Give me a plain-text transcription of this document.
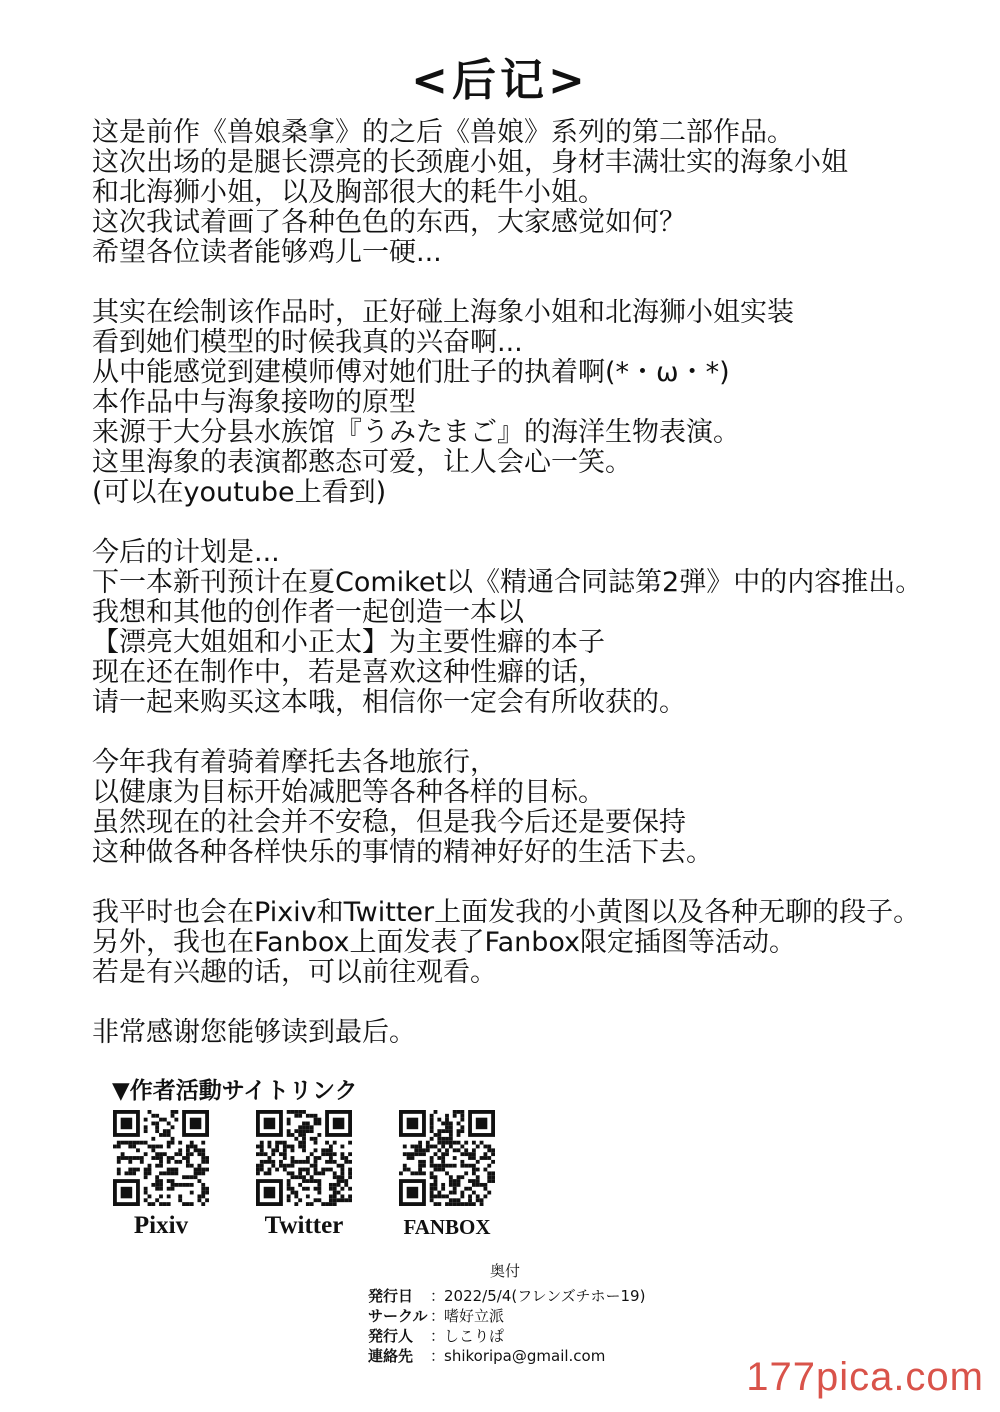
<后记>
这是前作《兽娘桑拿》的之后《兽娘》系列的第二部作品。
这次出场的是腿长漂亮的长颈鹿小姐，身材丰满壮实的海象小姐
和北海狮小姐，以及胸部很大的耗牛小姐。
这次我试着画了各种色色的东西，大家感觉如何？
希望各位读者能够鸡儿一硬...
其实在绘制该作品时，正好碰上海象小姐和北海狮小姐实装
看到她们模型的时候我真的兴奋啊...
从中能感觉到建模师傅对她们肚子的执着啊(*・ω・*)
本作品中与海象接吻的原型
来源于大分县水族馆『うみたまご』的海洋生物表演。
这里海象的表演都憨态可爱，让人会心一笑。
(可以在youtube上看到)
今后的计划是...
下一本新刊预计在夏Comiket以《精通合同誌第2弾》中的内容推出。
我想和其他的创作者一起创造一本以
【漂亮大姐姐和小正太】为主要性癖的本子
现在还在制作中，若是喜欢这种性癖的话，
请一起来购买这本哦，相信你一定会有所收获的。
今年我有着骑着摩托去各地旅行，
以健康为目标开始减肥等各种各样的目标。
虽然现在的社会并不安稳，但是我今后还是要保持
这种做各种各样快乐的事情的精神好好的生活下去。
我平时也会在Pixiv和Twitter上面发我的小黄图以及各种无聊的段子。
另外，我也在Fanbox上面发表了Fanbox限定插图等活动。
若是有兴趣的话，可以前往观看。
非常感谢您能够读到最后。
▼作者活動サイトリンク
Pixiv	Twitter	FANBOX
奥付
発行日 ：2022/5/4(フレンズチホー19)
サークル ：嗜好立派
発行人 ：しこりぱ
連絡先 ：shikoripa@gmail.com	177pica.com
